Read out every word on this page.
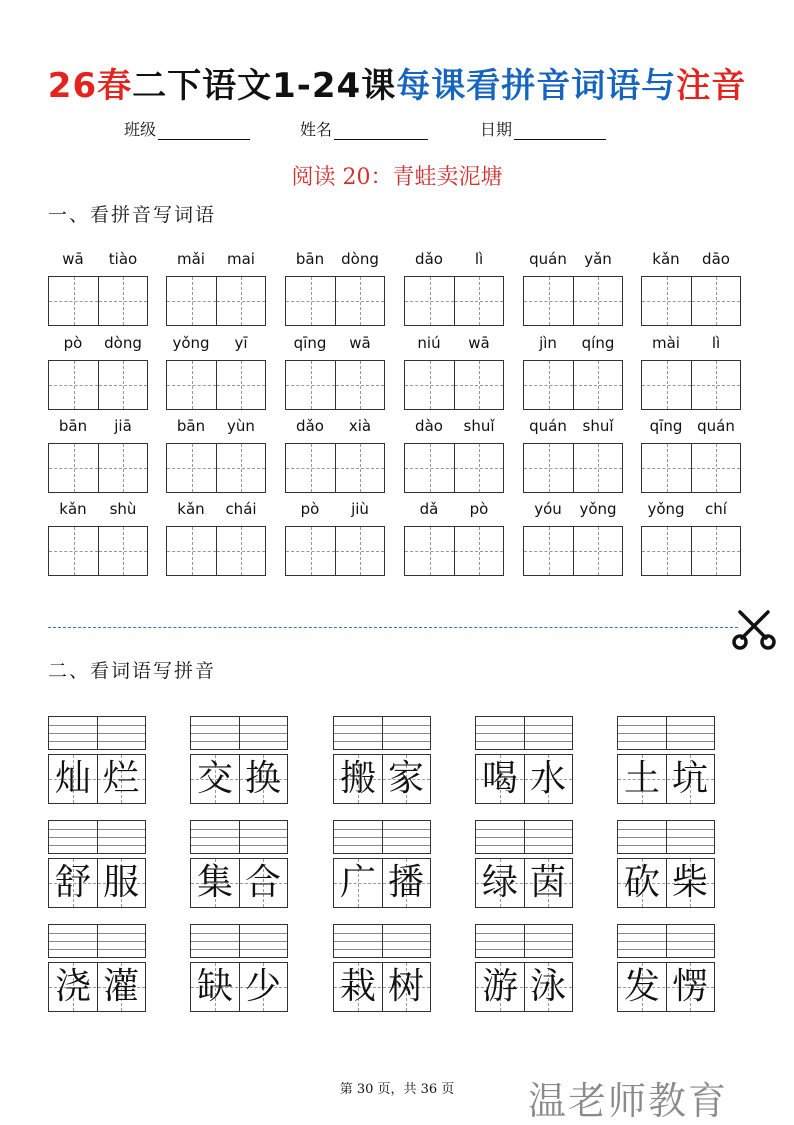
26春二下语文1-24课每课看拼音词语与注音
班级	姓名	日期
阅读 20：青蛙卖泥塘
一、看拼音写词语
wā	tiào	mǎi	mai	bān	dòng	dǎo	lì	quán	yǎn	kǎn	dāo
pò	dòng	yǒng	yī	qīng	wā	niú	wā	jìn	qíng	mài	lì
bān	jiā	bān	yùn	dǎo	xià	dào	shuǐ	quán	shuǐ	qīng quán
kǎn	shù	kǎn	chái	pò	jiù	dǎ	pò	yóu	yǒng	yǒng	chí
二、看词语写拼音
灿 烂 交 换 搬 家 喝 水 土 坑
舒 服 集 合 广 播 绿 茵 砍 柴
浇 灌 缺 少 栽 树 游 泳 发 愣
第 30 页，共 36 页	温老师教育
